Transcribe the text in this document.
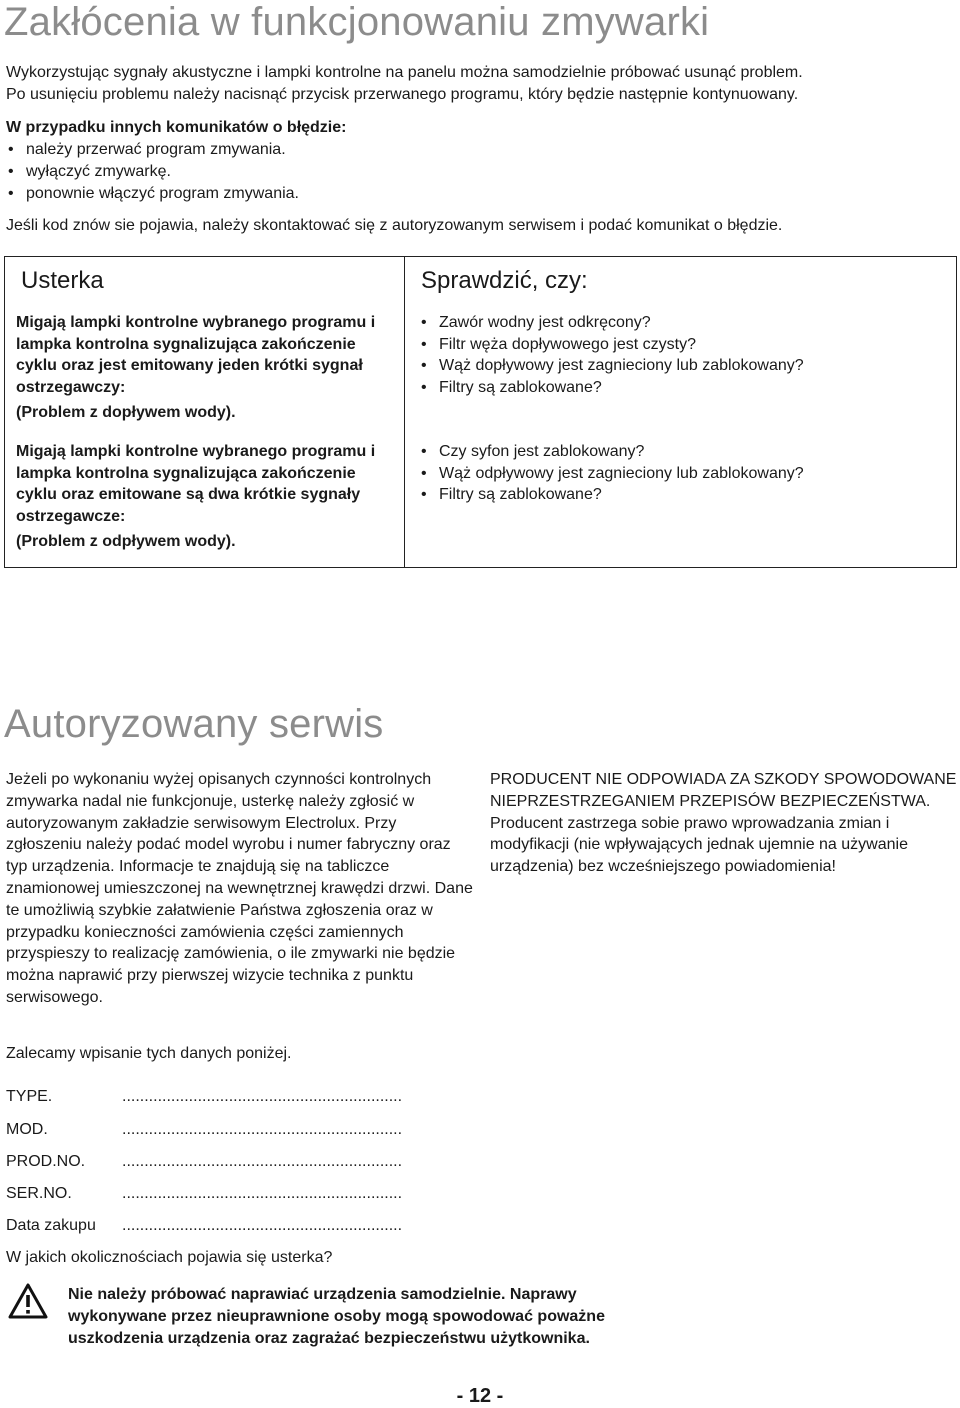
Zakłócenia w funkcjonowaniu zmywarki

Wykorzystując sygnały akustyczne i lampki kontrolne na panelu można samodzielnie próbować usunąć problem.

Po usunięciu problemu należy nacisnąć przycisk przerwanego programu, który będzie następnie kontynuowany.

W przypadku innych komunikatów o błędzie:

• należy przerwać program zmywania.
• wyłączyć zmywarkę.
• ponownie włączyć program zmywania.

Jeśli kod znów sie pojawia, należy skontaktować się z autoryzowanym serwisem i podać komunikat o błędzie.

Usterka	Sprawdzić, czy:
Migają lampki kontrolne wybranego programu i lampka kontrolna sygnalizująca zakończenie cyklu oraz jest emitowany jeden krótki sygnał ostrzegawczy:
(Problem z dopływem wody).
• Zawór wodny jest odkręcony?
• Filtr węża dopływowego jest czysty?
• Wąż dopływowy jest zagnieciony lub zablokowany?
• Filtry są zablokowane?
Migają lampki kontrolne wybranego programu i lampka kontrolna sygnalizująca zakończenie cyklu oraz emitowane są dwa krótkie sygnały ostrzegawcze:
(Problem z odpływem wody).
• Czy syfon jest zablokowany?
• Wąż odpływowy jest zagnieciony lub zablokowany?
• Filtry są zablokowane?
Autoryzowany serwis
Jeżeli po wykonaniu wyżej opisanych czynności kontrolnych zmywarka nadal nie funkcjonuje, usterkę należy zgłosić w autoryzowanym zakładzie serwisowym Electrolux. Przy zgłoszeniu należy podać model wyrobu i numer fabryczny oraz typ urządzenia. Informacje te znajdują się na tabliczce znamionowej umieszczonej na wewnętrznej krawędzi drzwi. Dane te umożliwią szybkie załatwienie Państwa zgłoszenia oraz w przypadku konieczności zamówienia części zamiennych przyspieszy to realizację zamówienia, o ile zmywarki nie będzie można naprawić przy pierwszej wizycie technika z punktu serwisowego.

Zalecamy wpisanie tych danych poniżej.

PRODUCENT NIE ODPOWIADA ZA SZKODY SPOWODOWANE NIEPRZESTRZEGANIEM PRZEPISÓW BEZPIECZEŃSTWA.
Producent zastrzega sobie prawo wprowadzania zmian i modyfikacji (nie wpływających jednak ujemnie na używanie urządzenia) bez wcześniejszego powiadomienia!
TYPE.	...............................................................
MOD.	...............................................................
PROD.NO. ...............................................................
SER.NO.	...............................................................
Data zakupu ...............................................................

W jakich okolicznościach pojawia się usterka?

Nie należy próbować naprawiać urządzenia samodzielnie. Naprawy wykonywane przez nieuprawnione osoby mogą spowodować poważne uszkodzenia urządzenia oraz zagrażać bezpieczeństwu użytkownika.
- 12 -
